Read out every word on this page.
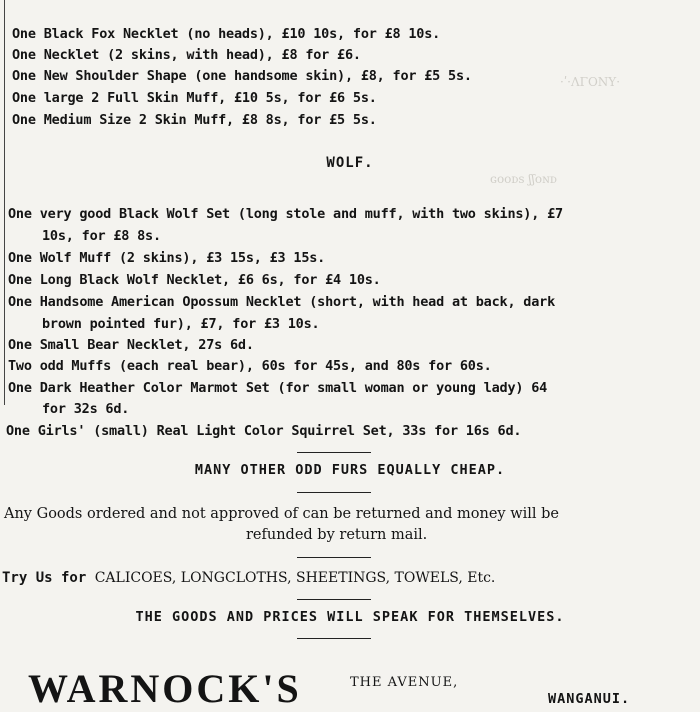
·ʹ·ΛΓΟΝΥ·
ɢooᴅs ʃʃᴏɴᴅ
One Black Fox Necklet (no heads), £10 10s, for £8 10s.
One Necklet (2 skins, with head), £8 for £6.
One New Shoulder Shape (one handsome skin), £8, for £5 5s.
One large 2 Full Skin Muff, £10 5s, for £6 5s.
One Medium Size 2 Skin Muff, £8 8s, for £5 5s.
WOLF.
One very good Black Wolf Set (long stole and muff, with two skins), £7
10s, for £8 8s.
One Wolf Muff (2 skins), £3 15s, £3 15s.
One Long Black Wolf Necklet, £6 6s, for £4 10s.
One Handsome American Opossum Necklet (short, with head at back, dark
brown pointed fur), £7, for £3 10s.
One Small Bear Necklet, 27s 6d.
Two odd Muffs (each real bear), 60s for 45s, and 80s for 60s.
One Dark Heather Color Marmot Set (for small woman or young lady) 64
for 32s 6d.
One Girls' (small) Real Light Color Squirrel Set, 33s for 16s 6d.
MANY OTHER ODD FURS EQUALLY CHEAP.
Any Goods ordered and not approved of can be returned and money will be
refunded by return mail.
Try Us for CALICOES, LONGCLOTHS, SHEETINGS, TOWELS, Etc.
THE GOODS AND PRICES WILL SPEAK FOR THEMSELVES.
WARNOCK'S	THE AVENUE,
WANGANUI.
